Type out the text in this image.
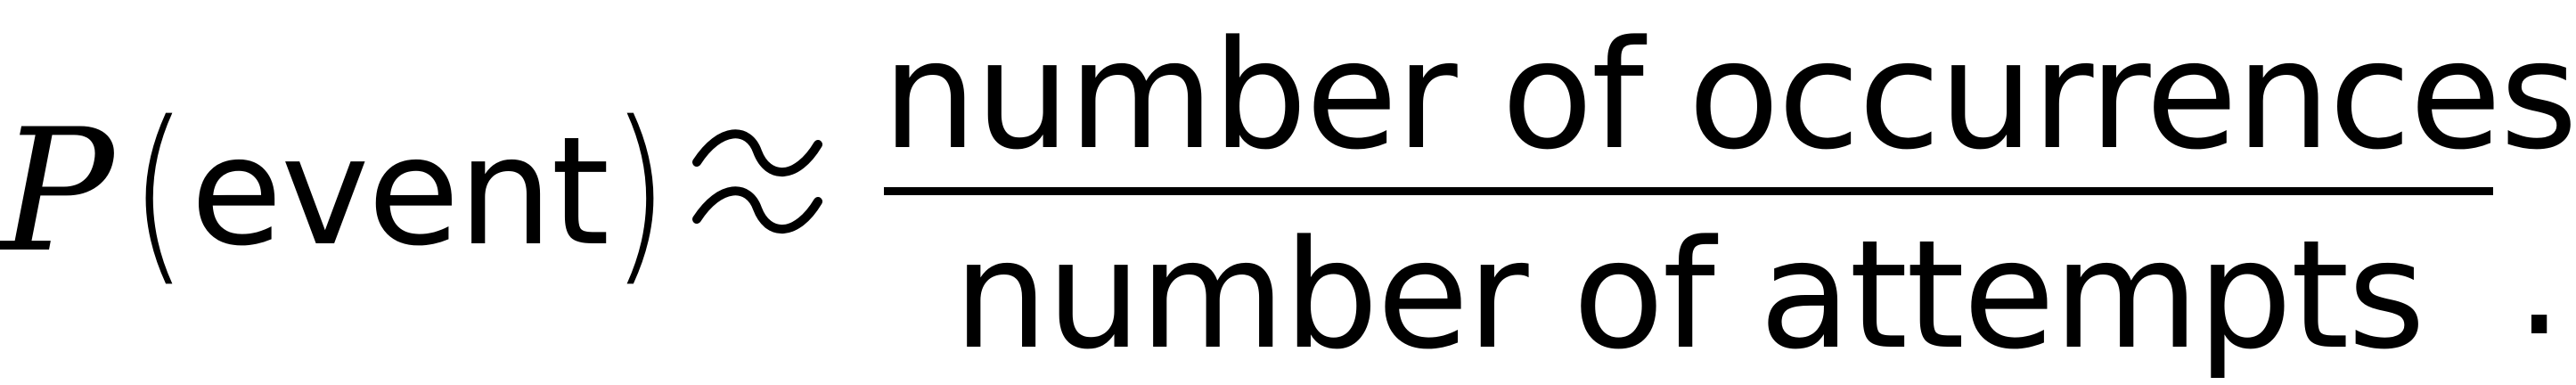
P ( event ) number of occurrences
number of attempts .
